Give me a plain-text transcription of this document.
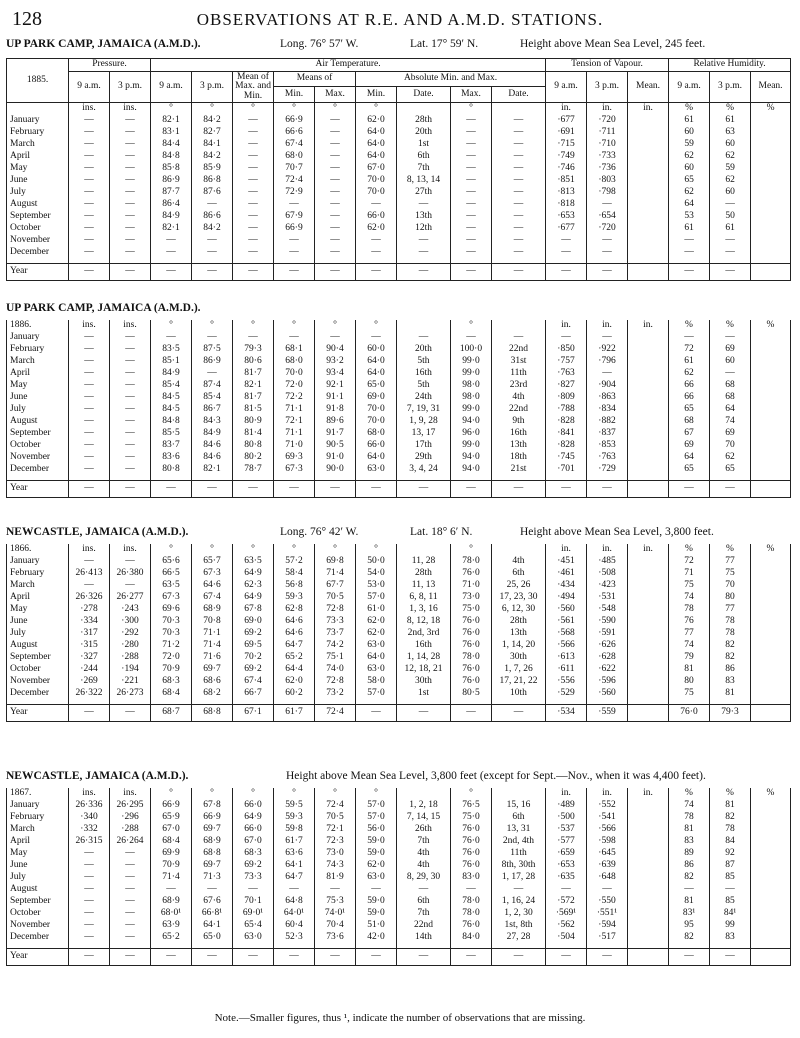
128	OBSERVATIONS AT R.E. AND A.M.D. STATIONS.
UP PARK CAMP, JAMAICA (A.M.D.).	Long. 76° 57′ W.	Lat. 17° 59′ N.	Height above Mean Sea Level, 245 feet.
1885.	Pressure.		Air Temperature.									Tension of Vapour.			Relative Humidity.		
	9 a.m.	3 p.m.	9 a.m.	3 p.m.	Mean of Max. and Min.	Means of		Absolute Min. and Max.				9 a.m.	3 p.m.	Mean.	9 a.m.	3 p.m.	Mean.
						Min.	Max.	Min.	Date.	Max.	Date.						
	ins.	ins.	°	°	°	°	°	°		°		in.	in.	in.	%	%	%
January	—	—	82·1	84·2	—	66·9	—	62·0	28th	—	—	·677	·720		61	61	
February	—	—	83·1	82·7	—	66·6	—	64·0	20th	—	—	·691	·711		60	63	
March	—	—	84·4	84·1	—	67·4	—	64·0	1st	—	—	·715	·710		59	60	
April	—	—	84·8	84·2	—	68·0	—	64·0	6th	—	—	·749	·733		62	62	
May	—	—	85·8	85·9	—	70·7	—	67·0	7th	—	—	·746	·736		60	59	
June	—	—	86·9	86·8	—	72·4	—	70·0	8, 13, 14	—	—	·851	·803		65	62	
July	—	—	87·7	87·6	—	72·9	—	70·0	27th	—	—	·813	·798		62	60	
August	—	—	86·4	—	—	—	—	—	—	—	—	·818	—		64	—	
September	—	—	84·9	86·6	—	67·9	—	66·0	13th	—	—	·653	·654		53	50	
October	—	—	82·1	84·2	—	66·9	—	62·0	12th	—	—	·677	·720		61	61	
November	—	—	—	—	—	—	—	—	—	—	—	—	—		—	—	
December	—	—	—	—	—	—	—	—	—	—	—	—	—		—	—	

Year	—	—	—	—	—	—	—	—	—	—	—	—	—		—	—	
UP PARK CAMP, JAMAICA (A.M.D.).
1886.	ins.	ins.	°	°	°	°	°	°		°		in.	in.	in.	%	%	%
January	—	—	—	—	—	—	—	—	—	—	—	—	—		—	—	
February	—	—	83·5	87·5	79·3	68·1	90·4	60·0	20th	100·0	22nd	·850	·922		72	69	
March	—	—	85·1	86·9	80·6	68·0	93·2	64·0	5th	99·0	31st	·757	·796		61	60	
April	—	—	84·9	—	81·7	70·0	93·4	64·0	16th	99·0	11th	·763	—		62	—	
May	—	—	85·4	87·4	82·1	72·0	92·1	65·0	5th	98·0	23rd	·827	·904		66	68	
June	—	—	84·5	85·4	81·7	72·2	91·1	69·0	24th	98·0	4th	·809	·863		66	68	
July	—	—	84·5	86·7	81·5	71·1	91·8	70·0	7, 19, 31	99·0	22nd	·788	·834		65	64	
August	—	—	84·8	84·3	80·9	72·1	89·6	70·0	1, 9, 28	94·0	9th	·828	·882		68	74	
September	—	—	85·5	84·9	81·4	71·1	91·7	68·0	13, 17	96·0	16th	·841	·837		67	69	
October	—	—	83·7	84·6	80·8	71·0	90·5	66·0	17th	99·0	13th	·828	·853		69	70	
November	—	—	83·6	84·6	80·2	69·3	91·0	64·0	29th	94·0	18th	·745	·763		64	62	
December	—	—	80·8	82·1	78·7	67·3	90·0	63·0	3, 4, 24	94·0	21st	·701	·729		65	65	

Year	—	—	—	—	—	—	—	—	—	—	—	—	—		—	—	
NEWCASTLE, JAMAICA (A.M.D.).	Long. 76° 42′ W.	Lat. 18° 6′ N.	Height above Mean Sea Level, 3,800 feet.
1866.	ins.	ins.	°	°	°	°	°	°		°		in.	in.	in.	%	%	%
January	—	—	65·6	65·7	63·5	57·2	69·8	50·0	11, 28	78·0	4th	·451	·485		72	77	
February	26·413	26·380	66·5	67·3	64·9	58·4	71·4	54·0	28th	76·0	6th	·461	·508		71	75	
March	—	—	63·5	64·6	62·3	56·8	67·7	53·0	11, 13	71·0	25, 26	·434	·423		75	70	
April	26·326	26·277	67·3	67·4	64·9	59·3	70·5	57·0	6, 8, 11	73·0	17, 23, 30	·494	·531		74	80	
May	·278	·243	69·6	68·9	67·8	62·8	72·8	61·0	1, 3, 16	75·0	6, 12, 30	·560	·548		78	77	
June	·334	·300	70·3	70·8	69·0	64·6	73·3	62·0	8, 12, 18	76·0	28th	·561	·590		76	78	
July	·317	·292	70·3	71·1	69·2	64·6	73·7	62·0	2nd, 3rd	76·0	13th	·568	·591		77	78	
August	·315	·280	71·2	71·4	69·5	64·7	74·2	63·0	16th	76·0	1, 14, 20	·566	·626		74	82	
September	·327	·288	72·0	71·6	70·2	65·2	75·1	64·0	1, 14, 28	78·0	30th	·613	·628		79	82	
October	·244	·194	70·9	69·7	69·2	64·4	74·0	63·0	12, 18, 21	76·0	1, 7, 26	·611	·622		81	86	
November	·269	·221	68·3	68·6	67·4	62·0	72·8	58·0	30th	76·0	17, 21, 22	·556	·596		80	83	
December	26·322	26·273	68·4	68·2	66·7	60·2	73·2	57·0	1st	80·5	10th	·529	·560		75	81	

Year	—	—	68·7	68·8	67·1	61·7	72·4	—	—	—	—	·534	·559		76·0	79·3	
NEWCASTLE, JAMAICA (A.M.D.).	Height above Mean Sea Level, 3,800 feet (except for Sept.—Nov., when it was 4,400 feet).
1867.	ins.	ins.	°	°	°	°	°	°		°		in.	in.	in.	%	%	%
January	26·336	26·295	66·9	67·8	66·0	59·5	72·4	57·0	1, 2, 18	76·5	15, 16	·489	·552		74	81	
February	·340	·296	65·9	66·9	64·9	59·3	70·5	57·0	7, 14, 15	75·0	6th	·500	·541		78	82	
March	·332	·288	67·0	69·7	66·0	59·8	72·1	56·0	26th	76·0	13, 31	·537	·566		81	78	
April	26·315	26·264	68·4	68·9	67·0	61·7	72·3	59·0	7th	76·0	2nd, 4th	·577	·598		83	84	
May	—	—	69·9	68·8	68·3	63·6	73·0	59·0	4th	76·0	11th	·659	·645		89	92	
June	—	—	70·9	69·7	69·2	64·1	74·3	62·0	4th	76·0	8th, 30th	·653	·639		86	87	
July	—	—	71·4	71·3	73·3	64·7	81·9	63·0	8, 29, 30	83·0	1, 17, 28	·635	·648		82	85	
August	—	—	—	—	—	—	—	—	—	—	—	—	—		—	—	
September	—	—	68·9	67·6	70·1	64·8	75·3	59·0	6th	78·0	1, 16, 24	·572	·550		81	85	
October	—	—	68·0¹	66·8¹	69·0¹	64·0¹	74·0¹	59·0	7th	78·0	1, 2, 30	·569¹	·551¹		83¹	84¹	
November	—	—	63·9	64·1	65·4	60·4	70·4	51·0	22nd	76·0	1st, 8th	·562	·594		95	99	
December	—	—	65·2	65·0	63·0	52·3	73·6	42·0	14th	84·0	27, 28	·504	·517		82	83	

Year	—	—	—	—	—	—	—	—	—	—	—	—	—		—	—	
Note.—Smaller figures, thus ¹, indicate the number of observations that are missing.
